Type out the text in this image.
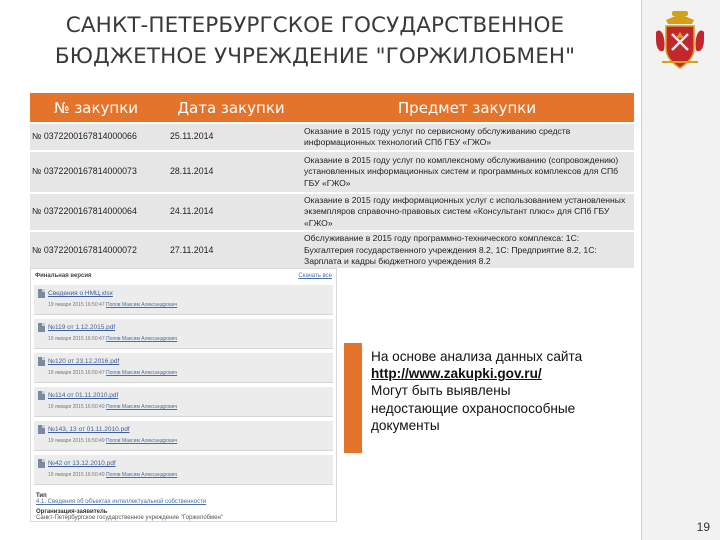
САНКТ-ПЕТЕРБУРГСКОЕ ГОСУДАРСТВЕННОЕ
БЮДЖЕТНОЕ УЧРЕЖДЕНИЕ "ГОРЖИЛОБМЕН"
№ закупки	Дата закупки	Предмет закупки
№ 0372200167814000066	25.11.2014	Оказание в 2015 году услуг по сервисному обслуживанию средств информационных технологий СПб ГБУ «ГЖО»
№ 0372200167814000073	28.11.2014	Оказание в 2015 году услуг по комплексному обслуживанию (сопровождению) установленных информационных систем и программных комплексов для СПб ГБУ «ГЖО»
№ 0372200167814000064	24.11.2014	Оказание в 2015 году информационных услуг с использованием установленных экземпляров справочно-правовых систем «Консультант плюс» для СПб ГБУ «ГЖО»
№ 0372200167814000072	27.11.2014	Обслуживание в 2015 году программно-технического комплекса: 1С: Бухгалтерия государственного учреждения 8.2, 1С: Предприятие 8.2, 1С: Зарплата и кадры бюджетного учреждения 8.2
Финальная версия	Скачать все
Сведения о НМЦ.xlsx
19 января 2015 16:50:47 Попов Максим Александрович
№119 от 1.12.2015.pdf
19 января 2015 16:50:47 Попов Максим Александрович
№120 от 23.12.2016.pdf
19 января 2015 16:50:47 Попов Максим Александрович
№114 от 01.11.2010.pdf
19 января 2015 16:50:49 Попов Максим Александрович
№143, 13 от 01.11.2010.pdf
19 января 2015 16:50:49 Попов Максим Александрович
№42 от 13.12.2010.pdf
19 января 2015 16:50:49 Попов Максим Александрович
Тип
4.1. Сведения об объектах интеллектуальной собственности
Организация-заявитель
Санкт-Петербургское государственное учреждение "Горжилобмен"
На основе анализа данных сайта
http://www.zakupki.gov.ru/
Могут быть выявлены
недостающие охраноспособные
документы
19
